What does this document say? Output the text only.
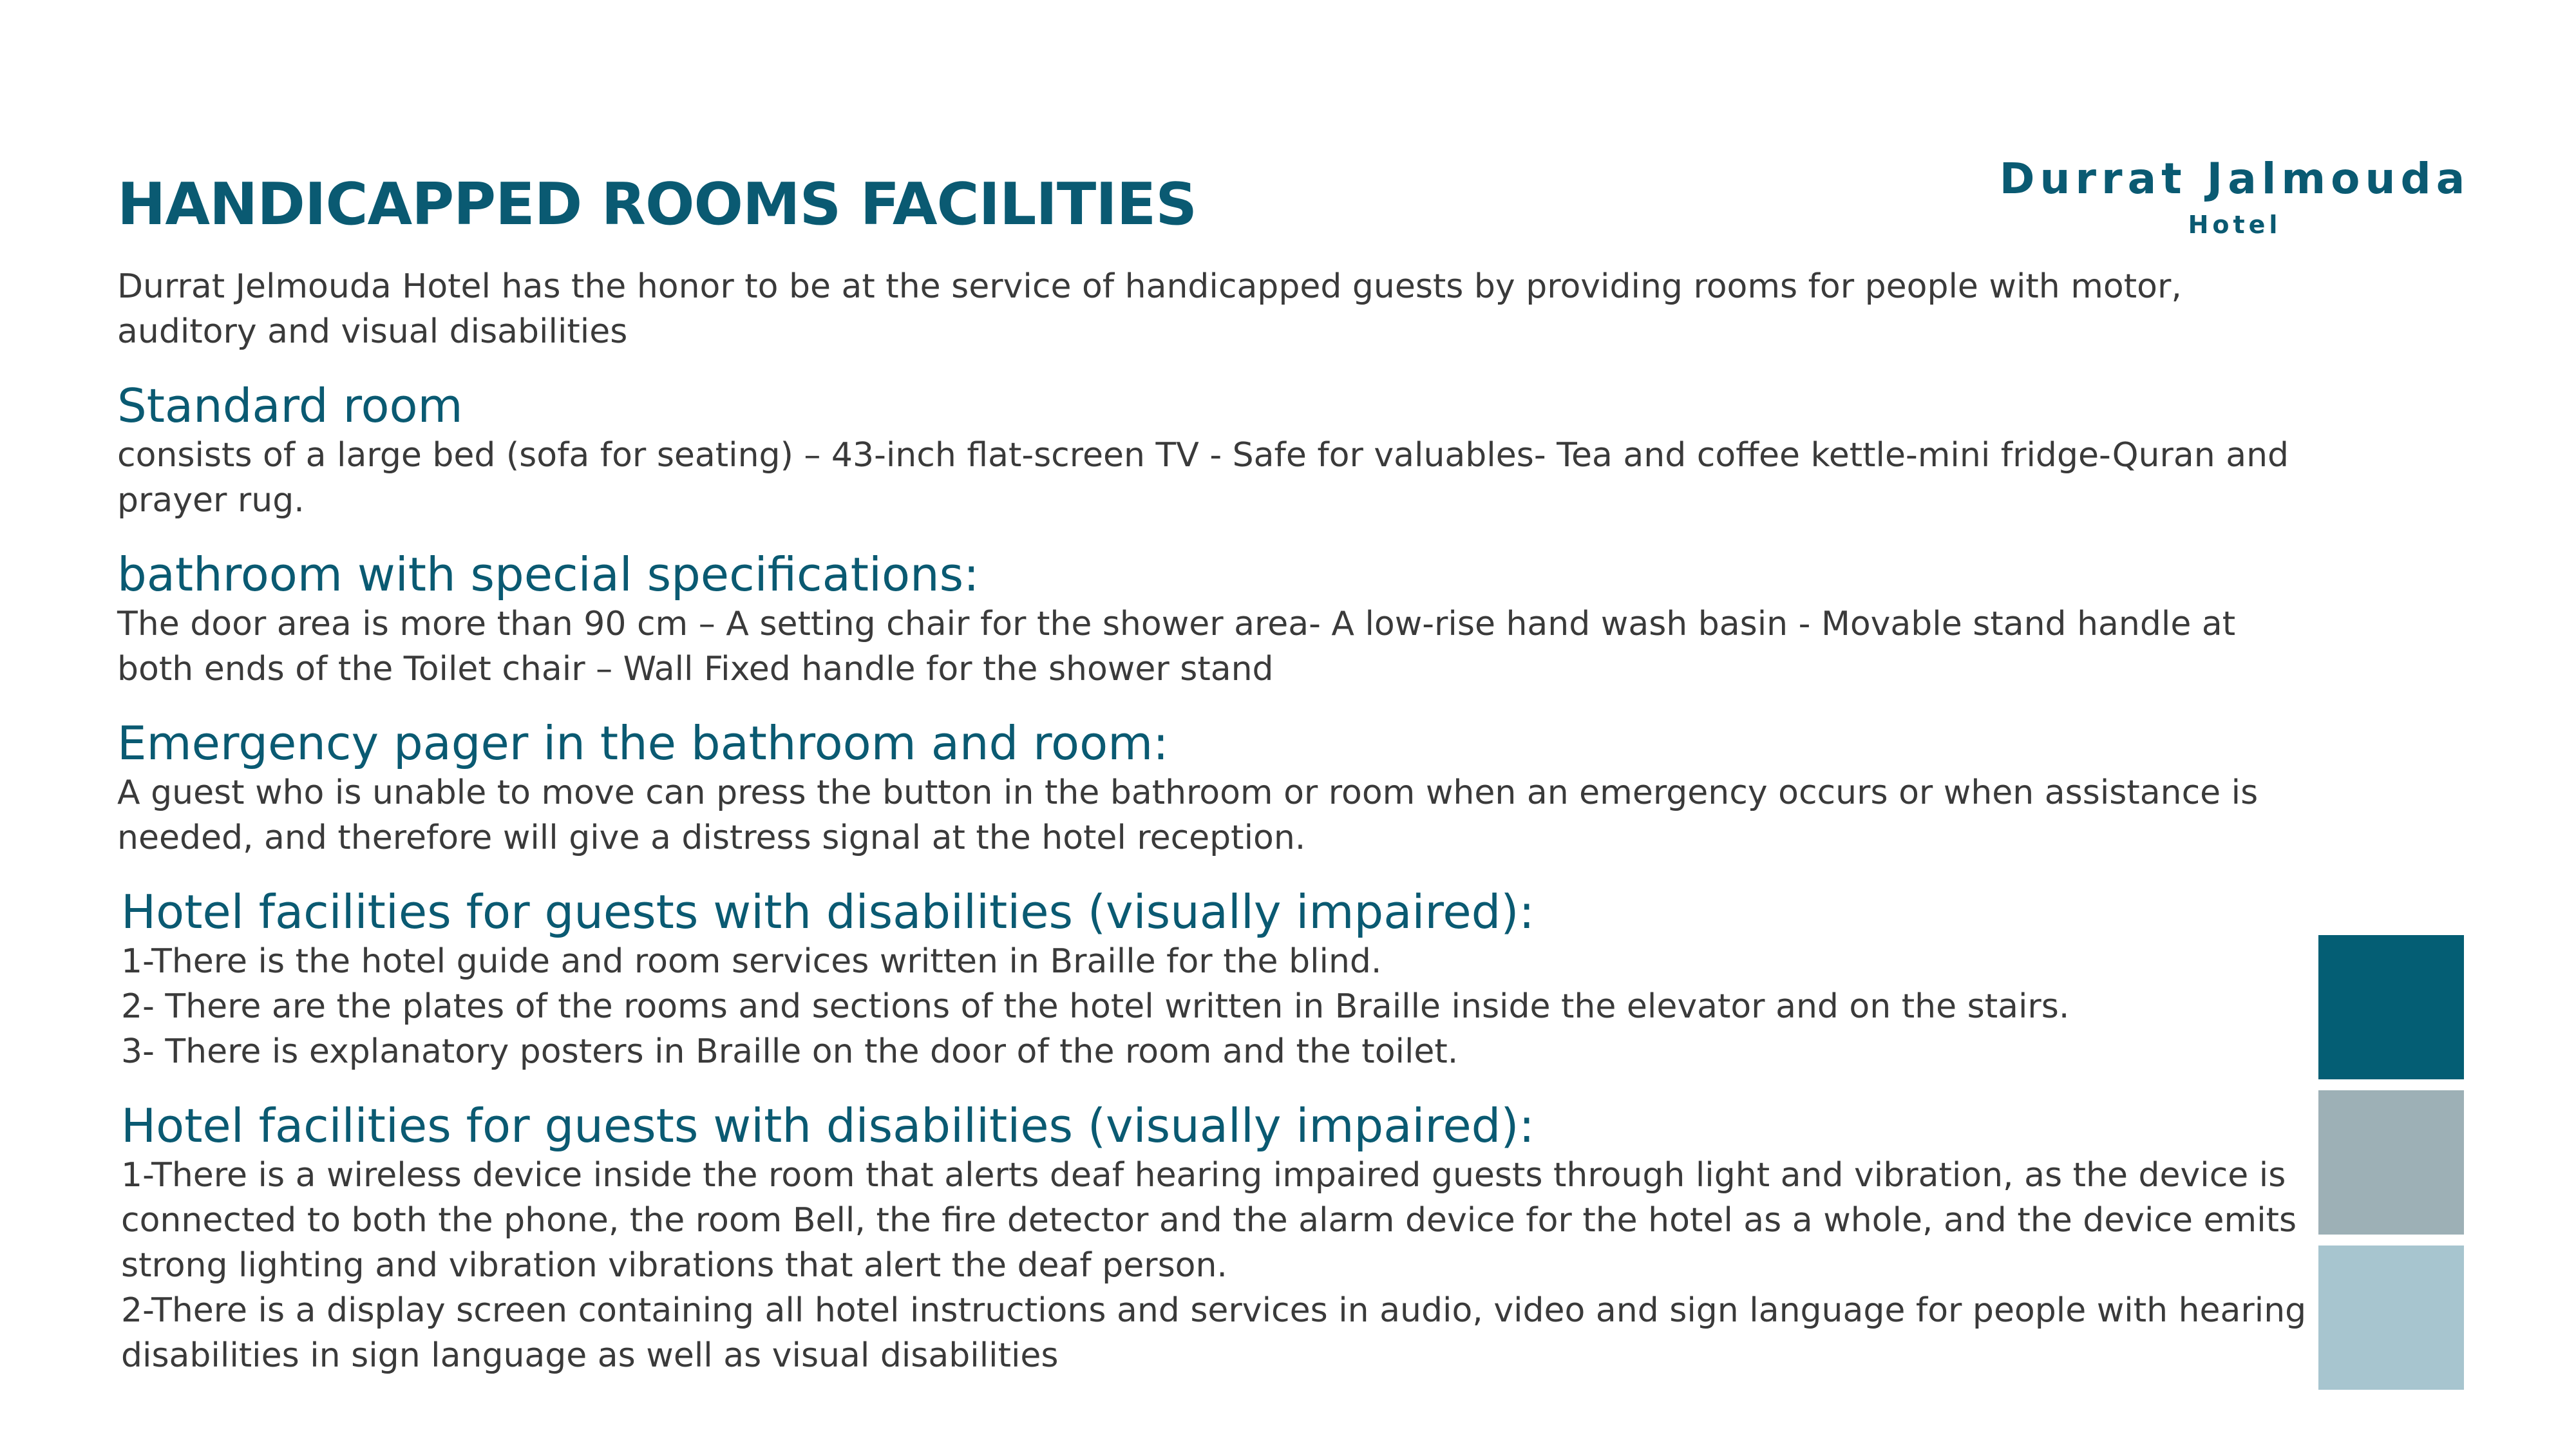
HANDICAPPED ROOMS FACILITIES	Durrat Jalmouda
Hotel

Durrat Jelmouda Hotel has the honor to be at the service of handicapped guests by providing rooms for people with motor, auditory and visual disabilities

Standard room

consists of a large bed (sofa for seating) – 43-inch flat-screen TV - Safe for valuables- Tea and coffee kettle-mini fridge-Quran and prayer rug.

bathroom with special specifications:

The door area is more than 90 cm – A setting chair for the shower area- A low-rise hand wash basin - Movable stand handle at both ends of the Toilet chair – Wall Fixed handle for the shower stand

Emergency pager in the bathroom and room:

A guest who is unable to move can press the button in the bathroom or room when an emergency occurs or when assistance is needed, and therefore will give a distress signal at the hotel reception.

Hotel facilities for guests with disabilities (visually impaired):

1-There is the hotel guide and room services written in Braille for the blind.

2- There are the plates of the rooms and sections of the hotel written in Braille inside the elevator and on the stairs.

3- There is explanatory posters in Braille on the door of the room and the toilet.

Hotel facilities for guests with disabilities (visually impaired):

1-There is a wireless device inside the room that alerts deaf hearing impaired guests through light and vibration, as the device is connected to both the phone, the room Bell, the fire detector and the alarm device for the hotel as a whole, and the device emits strong lighting and vibration vibrations that alert the deaf person.

2-There is a display screen containing all hotel instructions and services in audio, video and sign language for people with hearing disabilities in sign language as well as visual disabilities
